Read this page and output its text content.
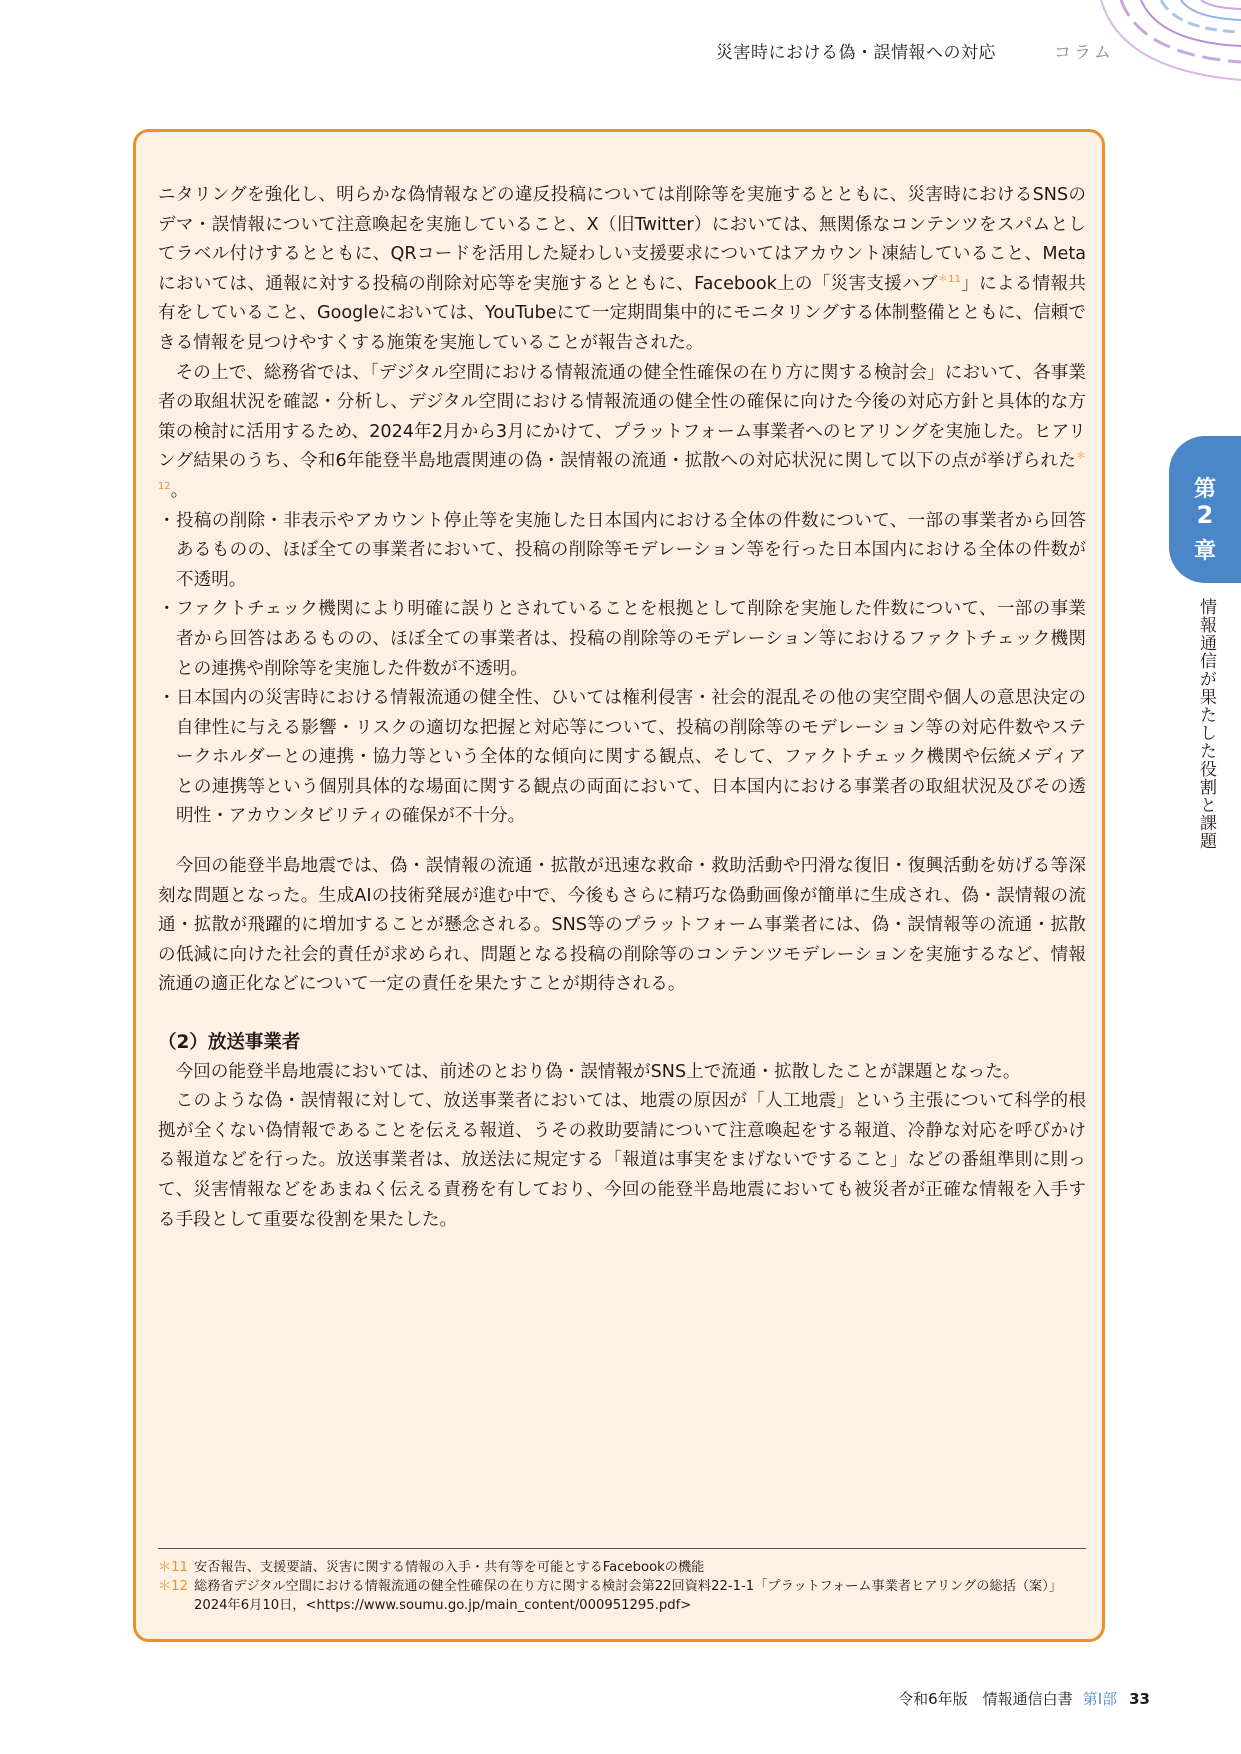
災害時における偽・誤情報への対応	コラム

ニタリングを強化し、明らかな偽情報などの違反投稿については削除等を実施するとともに、災害時におけるSNSのデマ・誤情報について注意喚起を実施していること、X（旧Twitter）においては、無関係なコンテンツをスパムとしてラベル付けするとともに、QRコードを活用した疑わしい支援要求についてはアカウント凍結していること、Metaにおいては、通報に対する投稿の削除対応等を実施するとともに、Facebook上の「災害支援ハブ$^{*11}$」による情報共有をしていること、Googleにおいては、YouTubeにて一定期間集中的にモニタリングする体制整備とともに、信頼できる情報を見つけやすくする施策を実施していることが報告された。

その上で、総務省では、「デジタル空間における情報流通の健全性確保の在り方に関する検討会」において、各事業者の取組状況を確認・分析し、デジタル空間における情報流通の健全性の確保に向けた今後の対応方針と具体的な方策の検討に活用するため、2024年2月から3月にかけて、プラットフォーム事業者へのヒアリングを実施した。ヒアリング結果のうち、令和6年能登半島地震関連の偽・誤情報の流通・拡散への対応状況に関して以下の点が挙げられた$^{*12}$。

・ 投稿の削除・非表示やアカウント停止等を実施した日本国内における全体の件数について、一部の事業者から回答あるものの、ほぼ全ての事業者において、投稿の削除等モデレーション等を行った日本国内における全体の件数が不透明。
・ ファクトチェック機関により明確に誤りとされていることを根拠として削除を実施した件数について、一部の事業者から回答はあるものの、ほぼ全ての事業者は、投稿の削除等のモデレーション等におけるファクトチェック機関との連携や削除等を実施した件数が不透明。
・ 日本国内の災害時における情報流通の健全性、ひいては権利侵害・社会的混乱その他の実空間や個人の意思決定の自律性に与える影響・リスクの適切な把握と対応等について、投稿の削除等のモデレーション等の対応件数やステークホルダーとの連携・協力等という全体的な傾向に関する観点、そして、ファクトチェック機関や伝統メディアとの連携等という個別具体的な場面に関する観点の両面において、日本国内における事業者の取組状況及びその透明性・アカウンタビリティの確保が不十分。

今回の能登半島地震では、偽・誤情報の流通・拡散が迅速な救命・救助活動や円滑な復旧・復興活動を妨げる等深刻な問題となった。生成AIの技術発展が進む中で、今後もさらに精巧な偽動画像が簡単に生成され、偽・誤情報の流通・拡散が飛躍的に増加することが懸念される。SNS等のプラットフォーム事業者には、偽・誤情報等の流通・拡散の低減に向けた社会的責任が求められ、問題となる投稿の削除等のコンテンツモデレーションを実施するなど、情報流通の適正化などについて一定の責任を果たすことが期待される。

（2）放送事業者

今回の能登半島地震においては、前述のとおり偽・誤情報がSNS上で流通・拡散したことが課題となった。

このような偽・誤情報に対して、放送事業者においては、地震の原因が「人工地震」という主張について科学的根拠が全くない偽情報であることを伝える報道、うその救助要請について注意喚起をする報道、冷静な対応を呼びかける報道などを行った。放送事業者は、放送法に規定する「報道は事実をまげないですること」などの番組準則に則って、災害情報などをあまねく伝える責務を有しており、今回の能登半島地震においても被災者が正確な情報を入手する手段として重要な役割を果たした。

＊11 安否報告、支援要請、災害に関する情報の入手・共有等を可能とするFacebookの機能
＊12 総務省デジタル空間における情報流通の健全性確保の在り方に関する検討会第22回資料22-1-1「プラットフォーム事業者ヒアリングの総括（案）」2024年6月10日，<https://www.soumu.go.jp/main_content/000951295.pdf>
第
2
章
情報通信が果たした役割と課題
令和6年版　情報通信白書 第Ⅰ部 33
